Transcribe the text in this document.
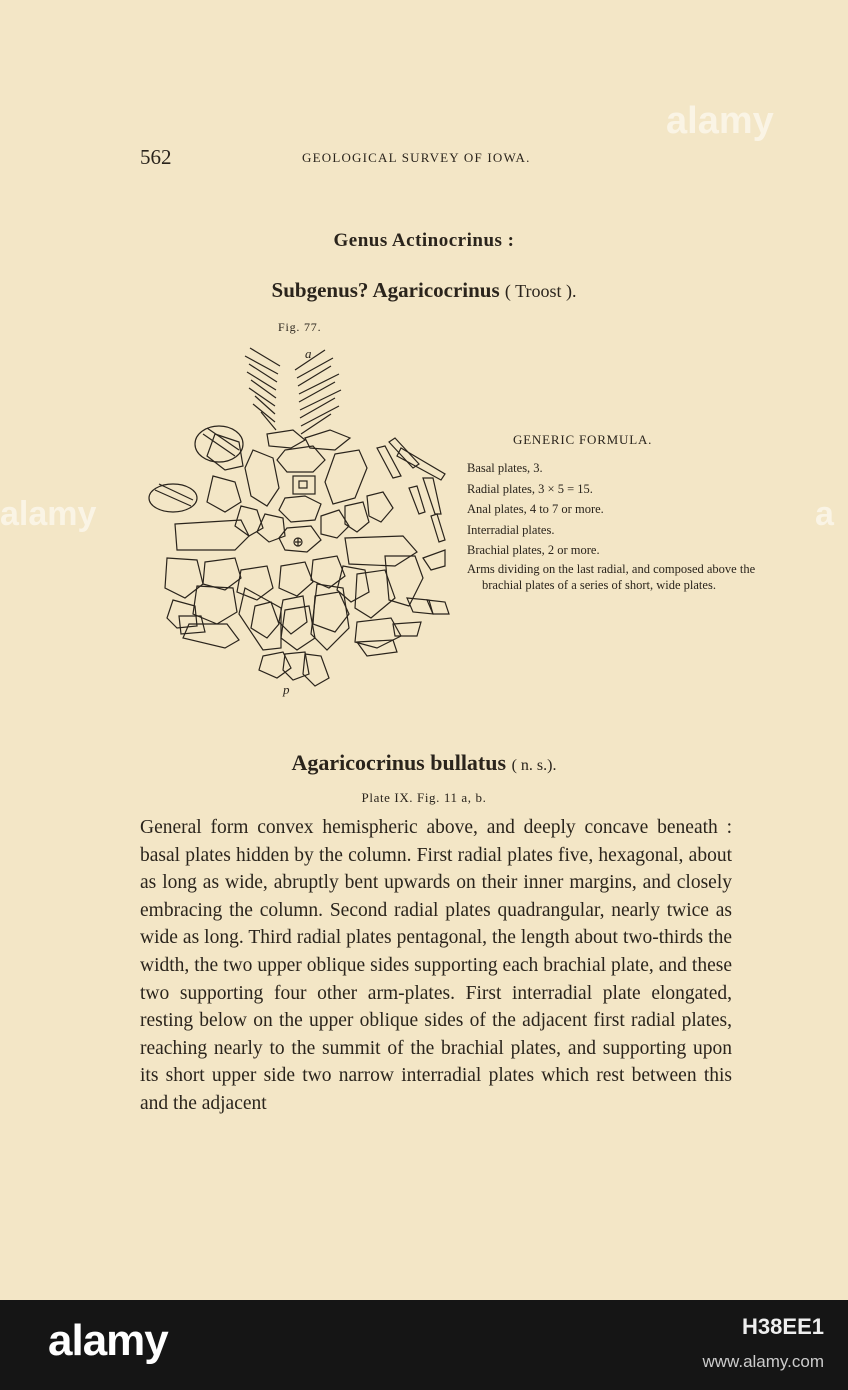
alamy
alamy	a
562	GEOLOGICAL SURVEY OF IOWA.
Genus Actinocrinus :
Subgenus? Agaricocrinus ( Troost ).
Fig. 77.
a
p
GENERIC FORMULA.
Basal plates, 3.
Radial plates, 3 × 5 = 15.
Anal plates, 4 to 7 or more.
Interradial plates.
Brachial plates, 2 or more.
Arms dividing on the last radial, and composed above the brachial plates of a series of short, wide plates.
Agaricocrinus bullatus ( n. s.).
Plate IX. Fig. 11 a, b.

General form convex hemispheric above, and deeply concave beneath : basal plates hidden by the column. First radial plates five, hexagonal, about as long as wide, abruptly bent upwards on their inner margins, and closely embracing the column. Second radial plates quadrangular, nearly twice as wide as long. Third radial plates pentagonal, the length about two-thirds the width, the two upper oblique sides supporting each brachial plate, and these two supporting four other arm-plates. First interradial plate elongated, resting below on the upper oblique sides of the adjacent first radial plates, reaching nearly to the summit of the brachial plates, and supporting upon its short upper side two narrow interradial plates which rest between this and the adjacent

alamy	H38EE1
www.alamy.com
